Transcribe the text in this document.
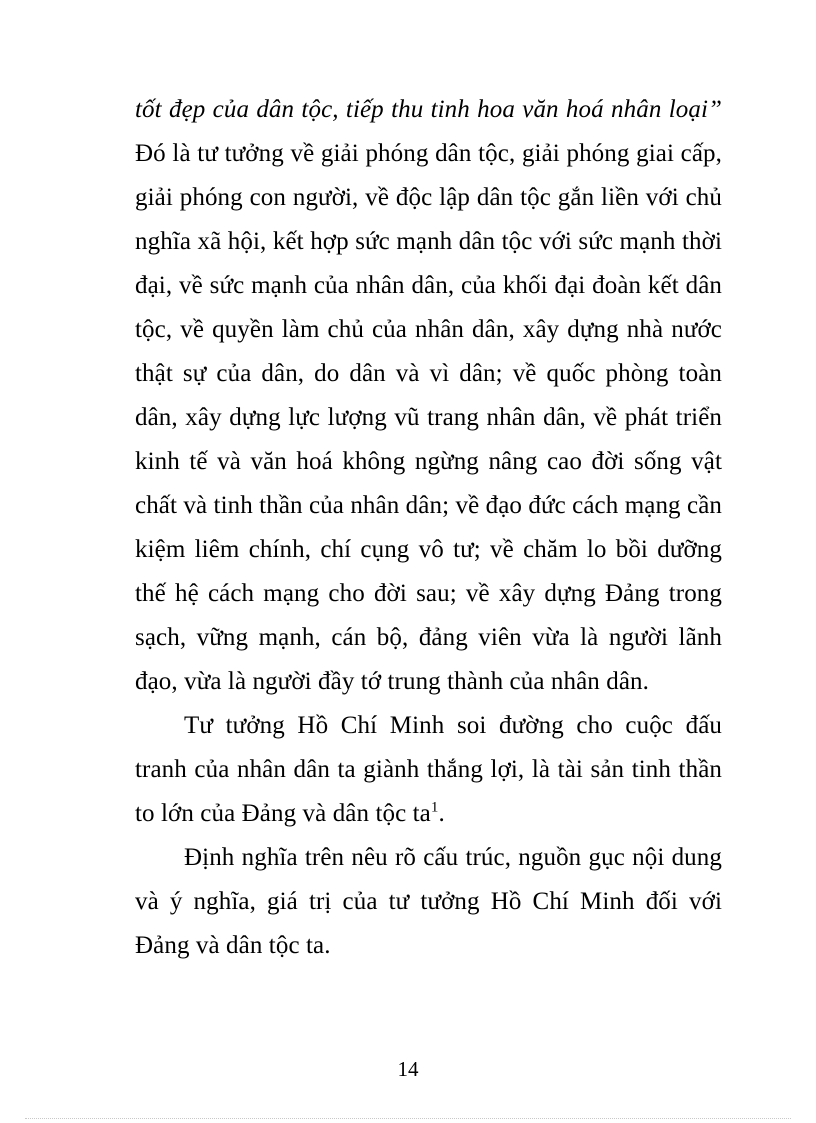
tốt đẹp của dân tộc, tiếp thu tinh hoa văn hoá nhân loại” Đó là tư tưởng về giải phóng dân tộc, giải phóng giai cấp, giải phóng con người, về độc lập dân tộc gắn liền với chủ nghĩa xã hội, kết hợp sức mạnh dân tộc với sức mạnh thời đại, về sức mạnh của nhân dân, của khối đại đoàn kết dân tộc, về quyền làm chủ của nhân dân, xây dựng nhà nước thật sự của dân, do dân và vì dân; về quốc phòng toàn dân, xây dựng lực lượng vũ trang nhân dân, về phát triển kinh tế và văn hoá không ngừng nâng cao đời sống vật chất và tinh thần của nhân dân; về đạo đức cách mạng cần kiệm liêm chính, chí cụng vô tư; về chăm lo bồi dưỡng thế hệ cách mạng cho đời sau; về xây dựng Đảng trong sạch, vững mạnh, cán bộ, đảng viên vừa là người lãnh đạo, vừa là người đầy tớ trung thành của nhân dân.

Tư tưởng Hồ Chí Minh soi đường cho cuộc đấu tranh của nhân dân ta giành thắng lợi, là tài sản tinh thần to lớn của Đảng và dân tộc ta$^1$.

Định nghĩa trên nêu rõ cấu trúc, nguồn gục nội dung và ý nghĩa, giá trị của tư tưởng Hồ Chí Minh đối với Đảng và dân tộc ta.

14
